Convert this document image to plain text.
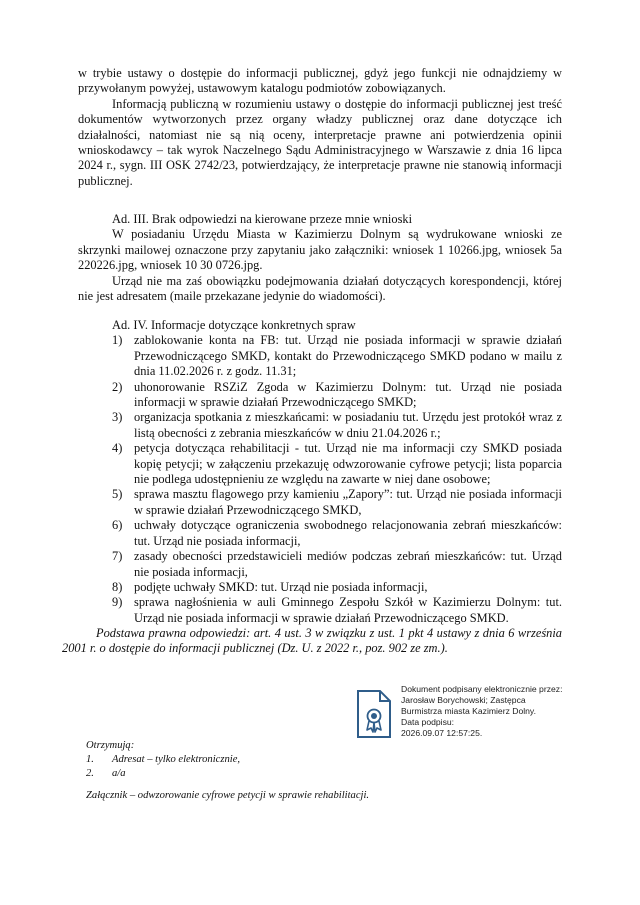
w trybie ustawy o dostępie do informacji publicznej, gdyż jego funkcji nie odnajdziemy w przywołanym powyżej, ustawowym katalogu podmiotów zobowiązanych.

Informacją publiczną w rozumieniu ustawy o dostępie do informacji publicznej jest treść dokumentów wytworzonych przez organy władzy publicznej oraz dane dotyczące ich działalności, natomiast nie są nią oceny, interpretacje prawne ani potwierdzenia opinii wnioskodawcy – tak wyrok Naczelnego Sądu Administracyjnego w Warszawie z dnia 16 lipca 2024 r., sygn. III OSK 2742/23, potwierdzający, że interpretacje prawne nie stanowią informacji publicznej.

Ad. III. Brak odpowiedzi na kierowane przeze mnie wnioski

W posiadaniu Urzędu Miasta w Kazimierzu Dolnym są wydrukowane wnioski ze skrzynki mailowej oznaczone przy zapytaniu jako załączniki: wniosek 1 10266.jpg, wniosek 5a 220226.jpg, wniosek 10 30 0726.jpg.

Urząd nie ma zaś obowiązku podejmowania działań dotyczących korespondencji, której nie jest adresatem (maile przekazane jedynie do wiadomości).

Ad. IV. Informacje dotyczące konkretnych spraw

1) zablokowanie konta na FB: tut. Urząd nie posiada informacji w sprawie działań Przewodniczącego SMKD, kontakt do Przewodniczącego SMKD podano w mailu z dnia 11.02.2026 r. z godz. 11.31;
2) uhonorowanie RSZiZ Zgoda w Kazimierzu Dolnym: tut. Urząd nie posiada informacji w sprawie działań Przewodniczącego SMKD;
3) organizacja spotkania z mieszkańcami: w posiadaniu tut. Urzędu jest protokół wraz z listą obecności z zebrania mieszkańców w dniu 21.04.2026 r.;
4) petycja dotycząca rehabilitacji - tut. Urząd nie ma informacji czy SMKD posiada kopię petycji; w załączeniu przekazuję odwzorowanie cyfrowe petycji; lista poparcia nie podlega udostępnieniu ze względu na zawarte w niej dane osobowe;
5) sprawa masztu flagowego przy kamieniu „Zapory”: tut. Urząd nie posiada informacji w sprawie działań Przewodniczącego SMKD,
6) uchwały dotyczące ograniczenia swobodnego relacjonowania zebrań mieszkańców: tut. Urząd nie posiada informacji,
7) zasady obecności przedstawicieli mediów podczas zebrań mieszkańców: tut. Urząd nie posiada informacji,
8) podjęte uchwały SMKD: tut. Urząd nie posiada informacji,
9) sprawa nagłośnienia w auli Gminnego Zespołu Szkół w Kazimierzu Dolnym: tut. Urząd nie posiada informacji w sprawie działań Przewodniczącego SMKD.

Podstawa prawna odpowiedzi: art. 4 ust. 3 w związku z ust. 1 pkt 4 ustawy z dnia 6 września 2001 r. o dostępie do informacji publicznej (Dz. U. z 2022 r., poz. 902 ze zm.).

Dokument podpisany elektronicznie przez:
Jarosław Borychowski; Zastępca
Burmistrza miasta Kazimierz Dolny.
Data podpisu:
2026.09.07 12:57:25.
Otrzymują:
1. Adresat – tylko elektronicznie,
2. a/a
Załącznik – odwzorowanie cyfrowe petycji w sprawie rehabilitacji.
